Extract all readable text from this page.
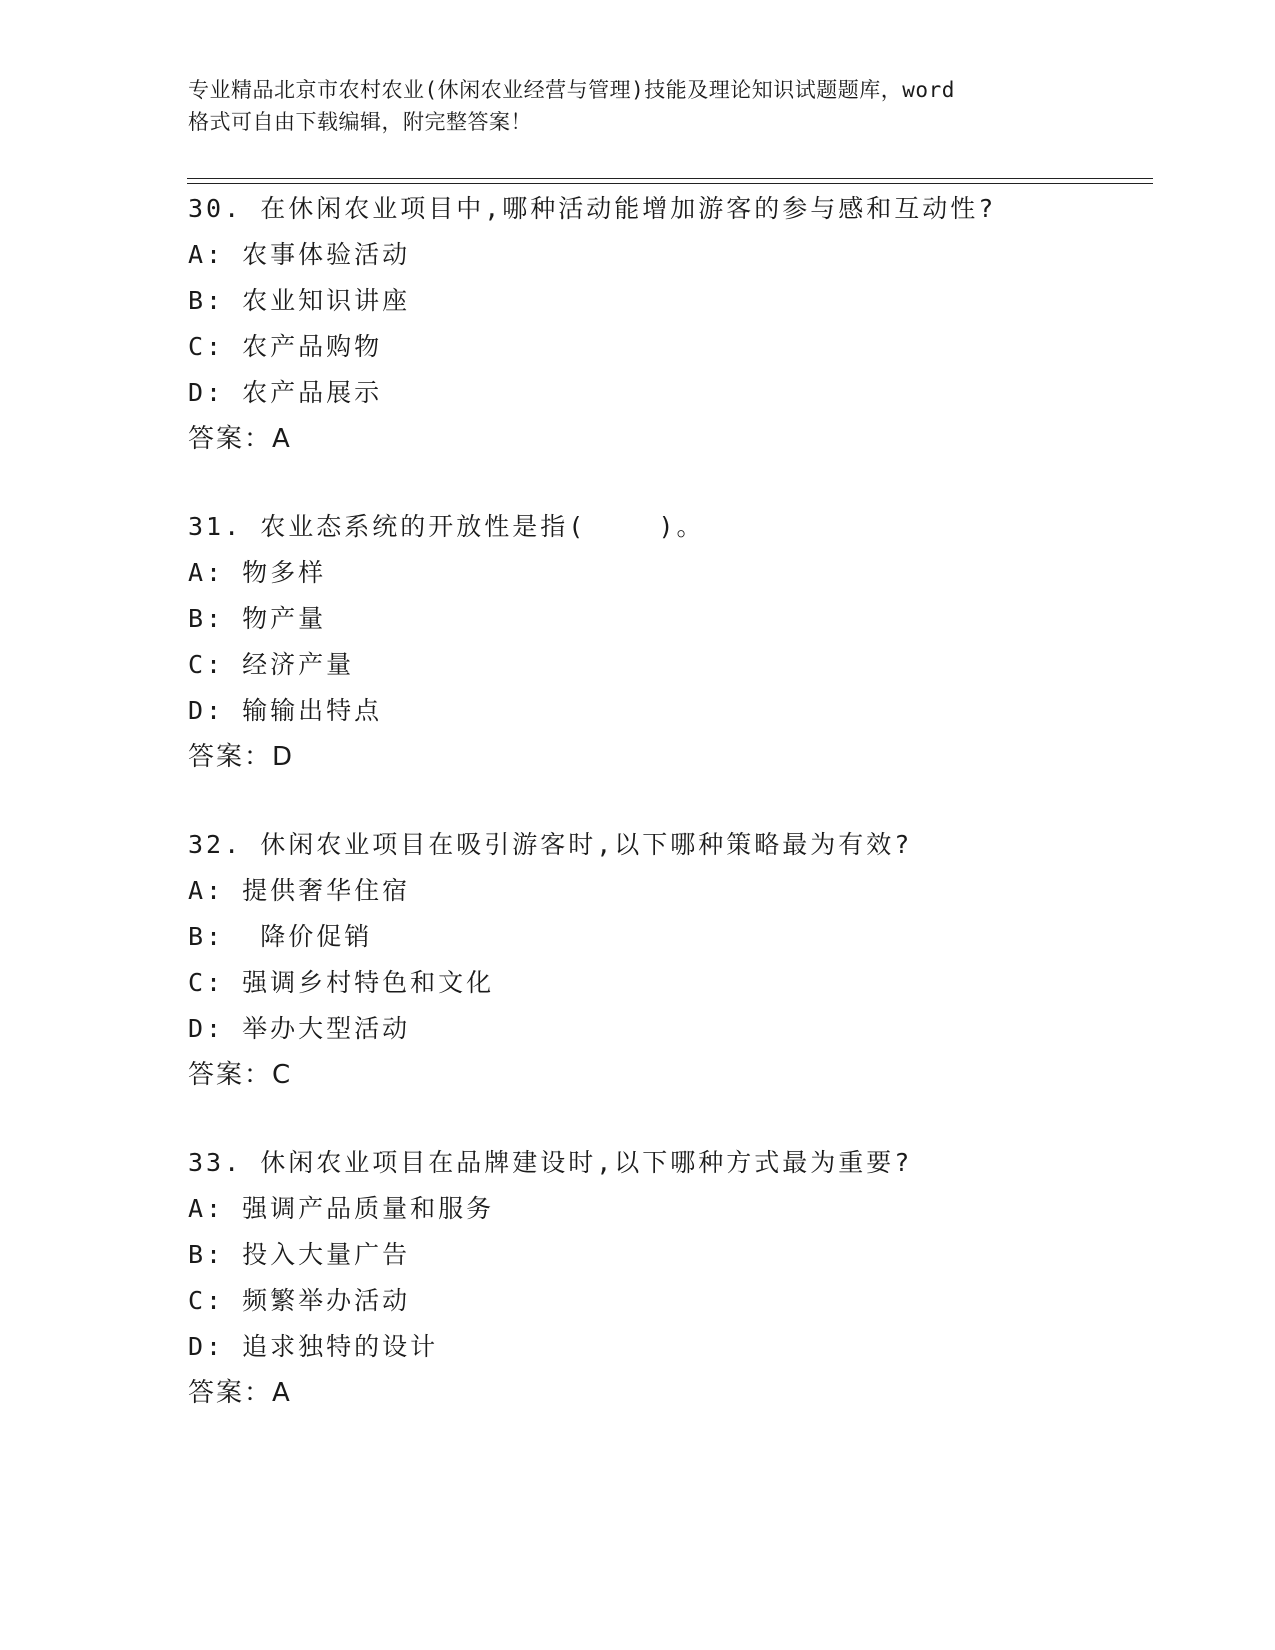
专业精品北京市农村农业(休闲农业经营与管理)技能及理论知识试题题库，word
格式可自由下载编辑，附完整答案！
30. 在休闲农业项目中,哪种活动能增加游客的参与感和互动性?
A: 农事体验活动
B: 农业知识讲座
C: 农产品购物
D: 农产品展示
答案：A
31. 农业态系统的开放性是指(    )。
A: 物多样
B: 物产量
C: 经济产量
D: 输输出特点
答案：D
32. 休闲农业项目在吸引游客时,以下哪种策略最为有效?
A: 提供奢华住宿
B:  降价促销
C: 强调乡村特色和文化
D: 举办大型活动
答案：C
33. 休闲农业项目在品牌建设时,以下哪种方式最为重要?
A: 强调产品质量和服务
B: 投入大量广告
C: 频繁举办活动
D: 追求独特的设计
答案：A
